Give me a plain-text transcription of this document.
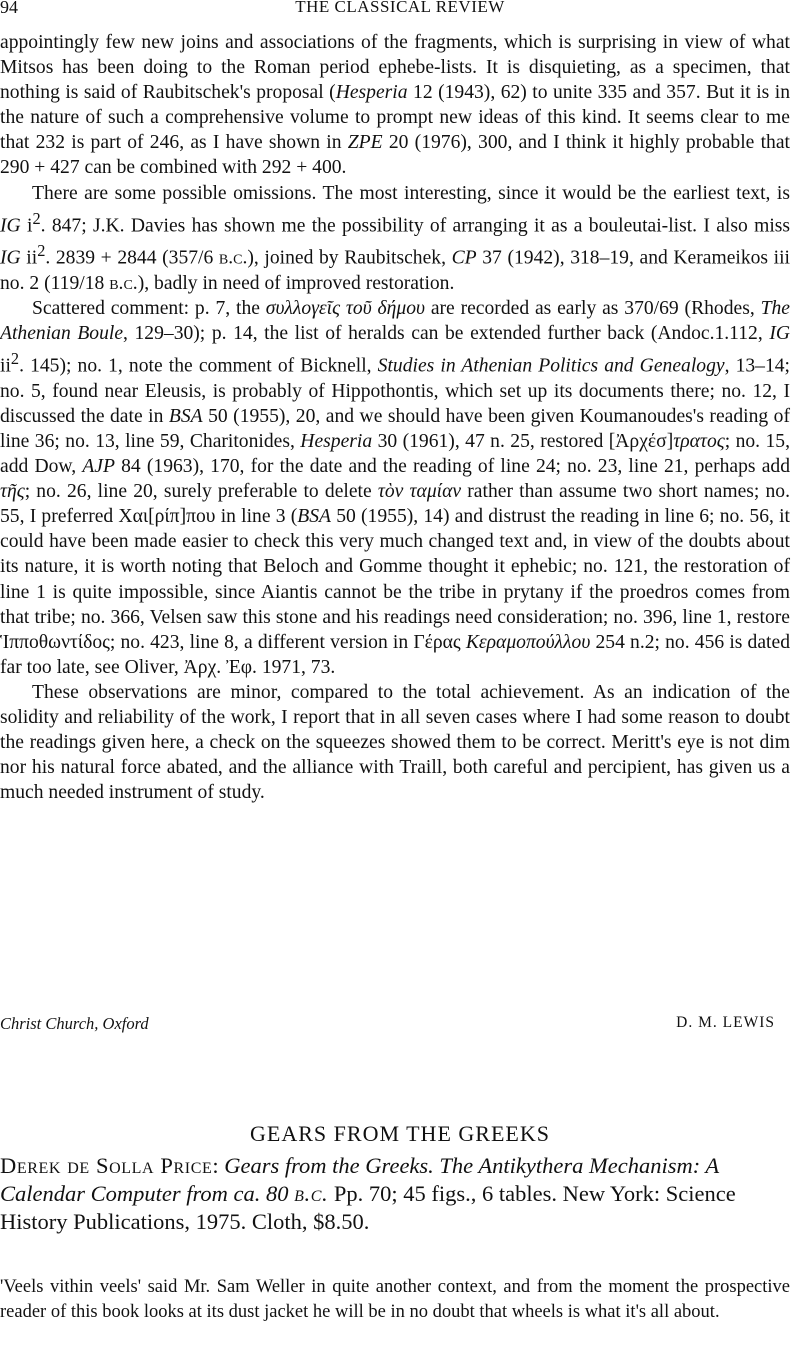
94	THE CLASSICAL REVIEW

appointingly few new joins and associations of the fragments, which is surprising in view of what Mitsos has been doing to the Roman period ephebe-lists. It is disquieting, as a specimen, that nothing is said of Raubitschek's proposal (Hesperia 12 (1943), 62) to unite 335 and 357. But it is in the nature of such a comprehensive volume to prompt new ideas of this kind. It seems clear to me that 232 is part of 246, as I have shown in ZPE 20 (1976), 300, and I think it highly probable that 290 + 427 can be combined with 292 + 400.

There are some possible omissions. The most interesting, since it would be the earliest text, is IG $i^2$. 847; J.K. Davies has shown me the possibility of arranging it as a bouleutai-list. I also miss IG $ii^2$. 2839 + 2844 (357/6 b.c.), joined by Raubitschek, CP 37 (1942), 318–19, and Kerameikos iii no. 2 (119/18 b.c.), badly in need of improved restoration.

Scattered comment: p. 7, the συλλογεῖς τοῦ δήμου are recorded as early as 370/69 (Rhodes, The Athenian Boule, 129–30); p. 14, the list of heralds can be extended further back (Andoc.1.112, IG $ii^2$. 145); no. 1, note the comment of Bicknell, Studies in Athenian Politics and Genealogy, 13–14; no. 5, found near Eleusis, is probably of Hippothontis, which set up its documents there; no. 12, I discussed the date in BSA 50 (1955), 20, and we should have been given Koumanoudes's reading of line 36; no. 13, line 59, Charitonides, Hesperia 30 (1961), 47 n. 25, restored [Ἀρχέσ]τρατος; no. 15, add Dow, AJP 84 (1963), 170, for the date and the reading of line 24; no. 23, line 21, perhaps add τῆς; no. 26, line 20, surely preferable to delete τὸν ταμίαν rather than assume two short names; no. 55, I preferred Χαι[ρίπ]που in line 3 (BSA 50 (1955), 14) and distrust the reading in line 6; no. 56, it could have been made easier to check this very much changed text and, in view of the doubts about its nature, it is worth noting that Beloch and Gomme thought it ephebic; no. 121, the restoration of line 1 is quite impossible, since Aiantis cannot be the tribe in prytany if the proedros comes from that tribe; no. 366, Velsen saw this stone and his readings need consideration; no. 396, line 1, restore Ἱπποθωντίδος; no. 423, line 8, a different version in Γέρας Κεραμοπούλλου 254 n.2; no. 456 is dated far too late, see Oliver, Ἀρχ. Ἐφ. 1971, 73.

These observations are minor, compared to the total achievement. As an indication of the solidity and reliability of the work, I report that in all seven cases where I had some reason to doubt the readings given here, a check on the squeezes showed them to be correct. Meritt's eye is not dim nor his natural force abated, and the alliance with Traill, both careful and percipient, has given us a much needed instrument of study.

Christ Church, Oxford	D. M. LEWIS
GEARS FROM THE GREEKS
Derek de Solla Price: Gears from the Greeks. The Antikythera Mechanism: A Calendar Computer from ca. 80 b.c. Pp. 70; 45 figs., 6 tables. New York: Science History Publications, 1975. Cloth, $8.50.
'Veels vithin veels' said Mr. Sam Weller in quite another context, and from the moment the prospective reader of this book looks at its dust jacket he will be in no doubt that wheels is what it's all about.
